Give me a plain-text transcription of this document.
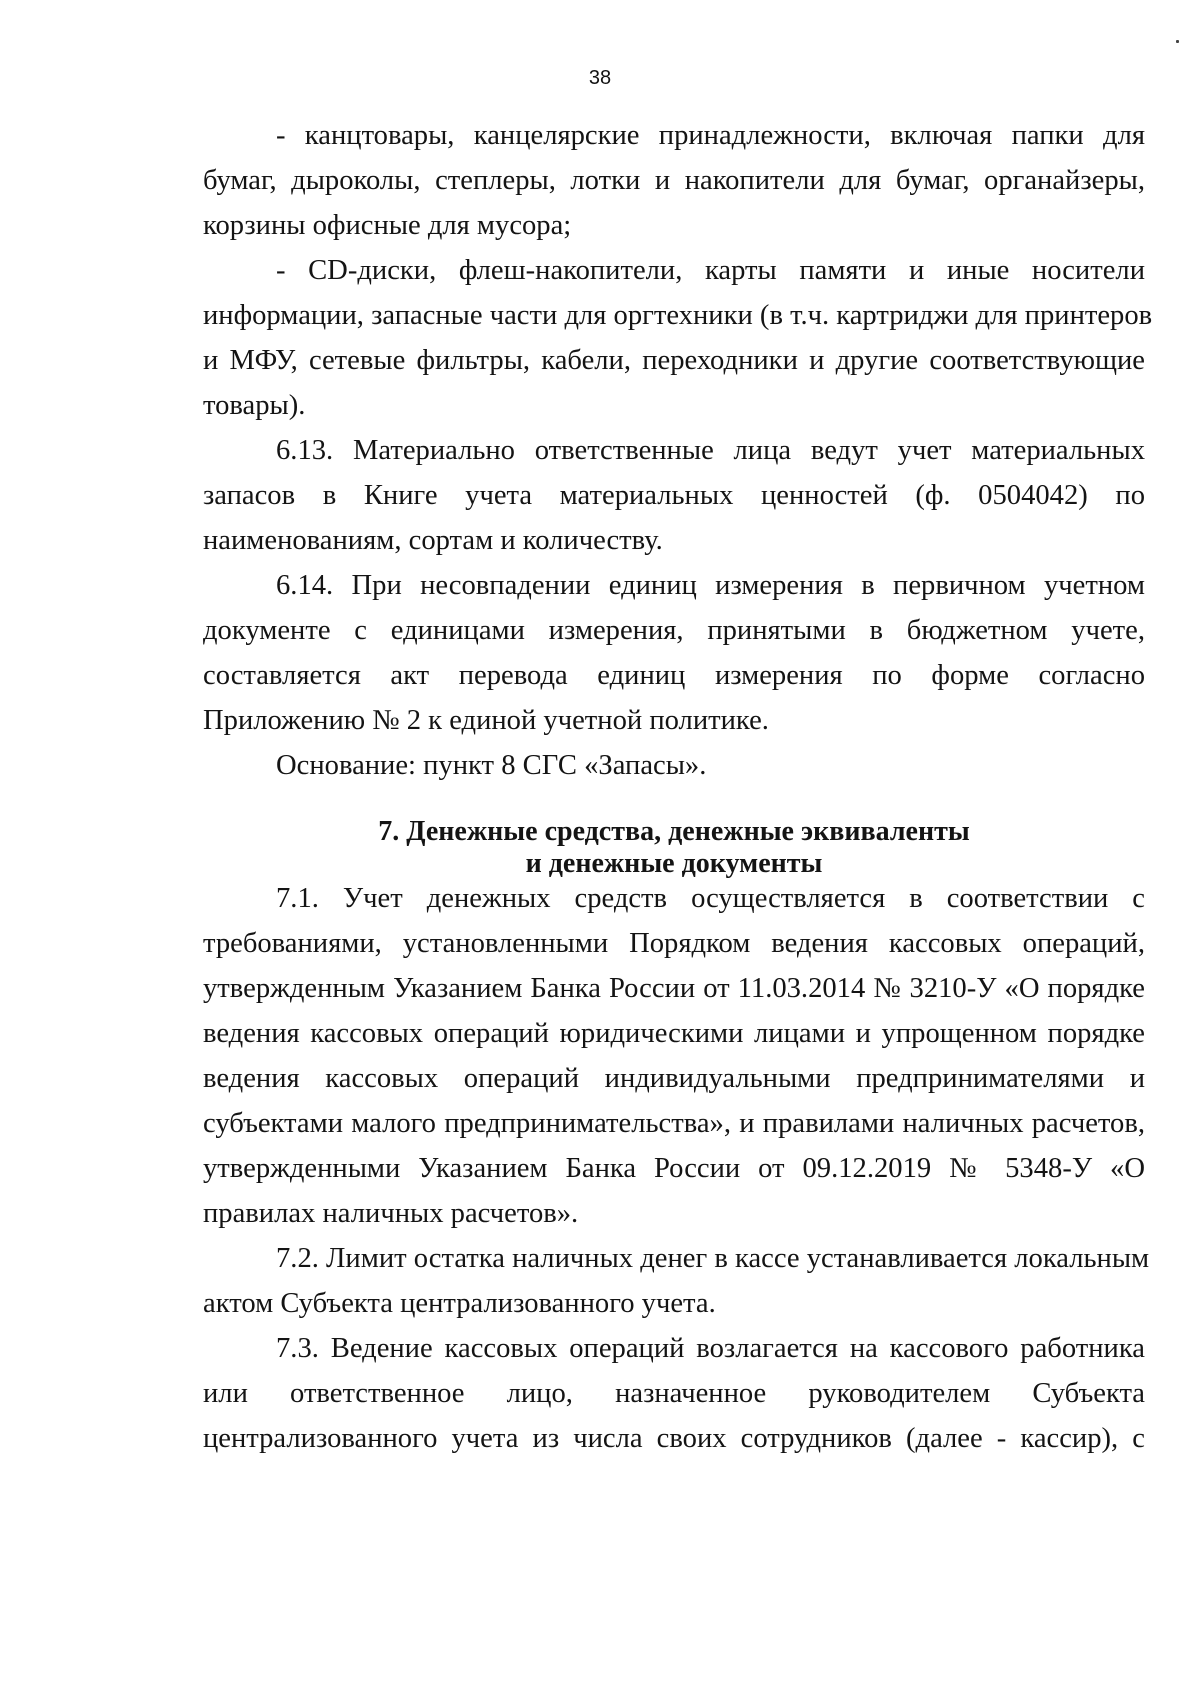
38
- канцтовары, канцелярские принадлежности, включая папки для
бумаг, дыроколы, степлеры, лотки и накопители для бумаг, органайзеры,
корзины офисные для мусора;
- CD-диски, флеш-накопители, карты памяти и иные носители
информации, запасные части для оргтехники (в т.ч. картриджи для принтеров
и МФУ, сетевые фильтры, кабели, переходники и другие соответствующие
товары).
6.13. Материально ответственные лица ведут учет материальных
запасов в Книге учета материальных ценностей (ф. 0504042) по
наименованиям, сортам и количеству.
6.14. При несовпадении единиц измерения в первичном учетном
документе с единицами измерения, принятыми в бюджетном учете,
составляется акт перевода единиц измерения по форме согласно
Приложению № 2 к единой учетной политике.
Основание: пункт 8 СГС «Запасы».
7. Денежные средства, денежные эквиваленты
и денежные документы
7.1. Учет денежных средств осуществляется в соответствии с
требованиями, установленными Порядком ведения кассовых операций,
утвержденным Указанием Банка России от 11.03.2014 № 3210-У «О порядке
ведения кассовых операций юридическими лицами и упрощенном порядке
ведения кассовых операций индивидуальными предпринимателями и
субъектами малого предпринимательства», и правилами наличных расчетов,
утвержденными Указанием Банка России от 09.12.2019 № 5348-У «О
правилах наличных расчетов».
7.2. Лимит остатка наличных денег в кассе устанавливается локальным
актом Субъекта централизованного учета.
7.3. Ведение кассовых операций возлагается на кассового работника
или ответственное лицо, назначенное руководителем Субъекта
централизованного учета из числа своих сотрудников (далее - кассир), с
